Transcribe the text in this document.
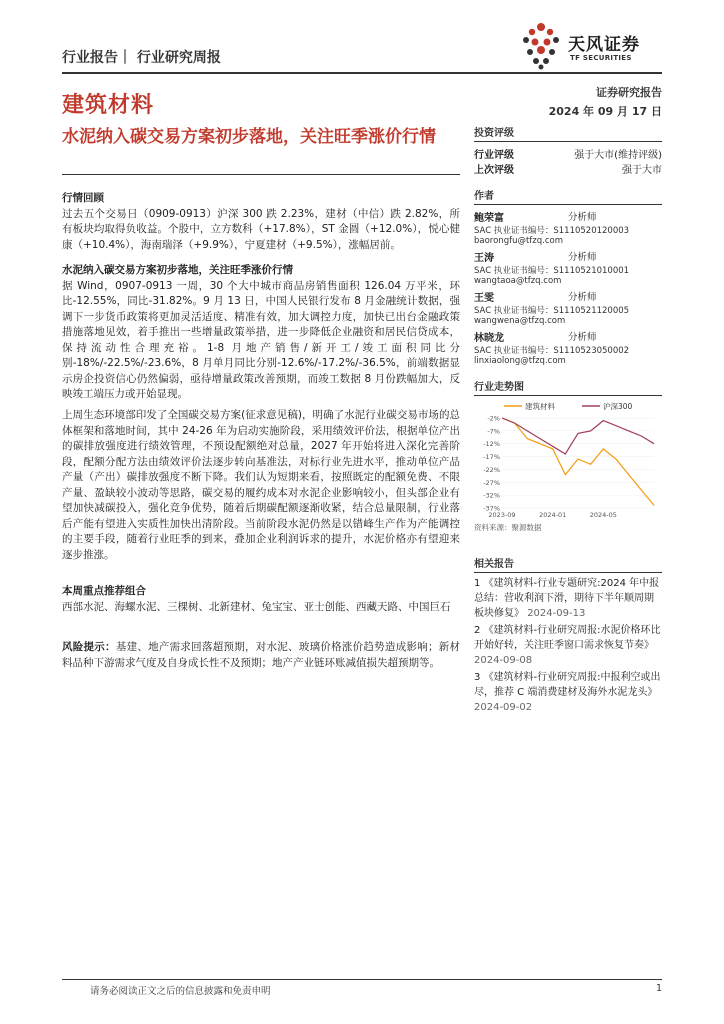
行业报告｜ 行业研究周报
天风证券
TF SECURITIES
建筑材料
证券研究报告
2024 年 09 月 17 日
水泥纳入碳交易方案初步落地，关注旺季涨价行情
行情回顾
过去五个交易日（0909-0913）沪深 300 跌 2.23%，建材（中信）跌 2.82%，所有板块均取得负收益。个股中，立方数科（+17.8%），ST 金圆（+12.0%），悦心健康（+10.4%），海南瑞泽（+9.9%），宁夏建材（+9.5%），涨幅居前。
水泥纳入碳交易方案初步落地，关注旺季涨价行情
据 Wind，0907-0913 一周，30 个大中城市商品房销售面积 126.04 万平米，环比-12.55%，同比-31.82%。9 月 13 日，中国人民银行发布 8 月金融统计数据，强调下一步货币政策将更加灵活适度、精准有效，加大调控力度，加快已出台金融政策措施落地见效，着手推出一些增量政策举措，进一步降低企业融资和居民信贷成本，保持流动性合理充裕。1-8 月地产销售/新开工/竣工面积同比分别-18%/-22.5%/-23.6%，8 月单月同比分别-12.6%/-17.2%/-36.5%，前端数据显示房企投资信心仍然偏弱，亟待增量政策改善预期，而竣工数据 8 月份跌幅加大，反映竣工端压力或开始显现。
上周生态环境部印发了全国碳交易方案(征求意见稿)，明确了水泥行业碳交易市场的总体框架和落地时间，其中 24-26 年为启动实施阶段，采用绩效评价法，根据单位产出的碳排放强度进行绩效管理，不预设配额绝对总量，2027 年开始将进入深化完善阶段，配额分配方法由绩效评价法逐步转向基准法，对标行业先进水平，推动单位产品产量（产出）碳排放强度不断下降。我们认为短期来看，按照既定的配额免费、不限产量、盈缺较小波动等思路，碳交易的履约成本对水泥企业影响较小，但头部企业有望加快减碳投入，强化竞争优势，随着后期碳配额逐渐收紧，结合总量限制，行业落后产能有望进入实质性加快出清阶段。当前阶段水泥仍然是以错峰生产作为产能调控的主要手段，随着行业旺季的到来，叠加企业利润诉求的提升，水泥价格亦有望迎来逐步推涨。
本周重点推荐组合
西部水泥、海螺水泥、三棵树、北新建材、兔宝宝、亚士创能、西藏天路、中国巨石
风险提示：基建、地产需求回落超预期，对水泥、玻璃价格涨价趋势造成影响；新材料品种下游需求气度及自身成长性不及预期；地产产业链环账减值损失超预期等。
投资评级
行业评级	强于大市(维持评级)
上次评级	强于大市
作者
鲍荣富	分析师
SAC 执业证书编号：S1110520120003
baorongfu@tfzq.com
王涛	分析师
SAC 执业证书编号：S1110521010001
wangtaoa@tfzq.com
王雯	分析师
SAC 执业证书编号：S1110521120005
wangwena@tfzq.com
林晓龙	分析师
SAC 执业证书编号：S1110523050002
linxiaolong@tfzq.com
行业走势图
建筑材料	沪深300
-2%
-7%
-12%
-17%
-22%
-27%
-32%
-37%
2023-09	2024-01	2024-05
资料来源：聚源数据
相关报告
1 《建筑材料-行业专题研究:2024 年中报总结：营收利润下滑，期待下半年顺周期板块修复》 2024-09-13
2 《建筑材料-行业研究周报:水泥价格环比开始好转，关注旺季窗口需求恢复节奏》 2024-09-08
3 《建筑材料-行业研究周报:中报利空或出尽，推荐 C 端消费建材及海外水泥龙头》 2024-09-02
请务必阅读正文之后的信息披露和免责申明	1
